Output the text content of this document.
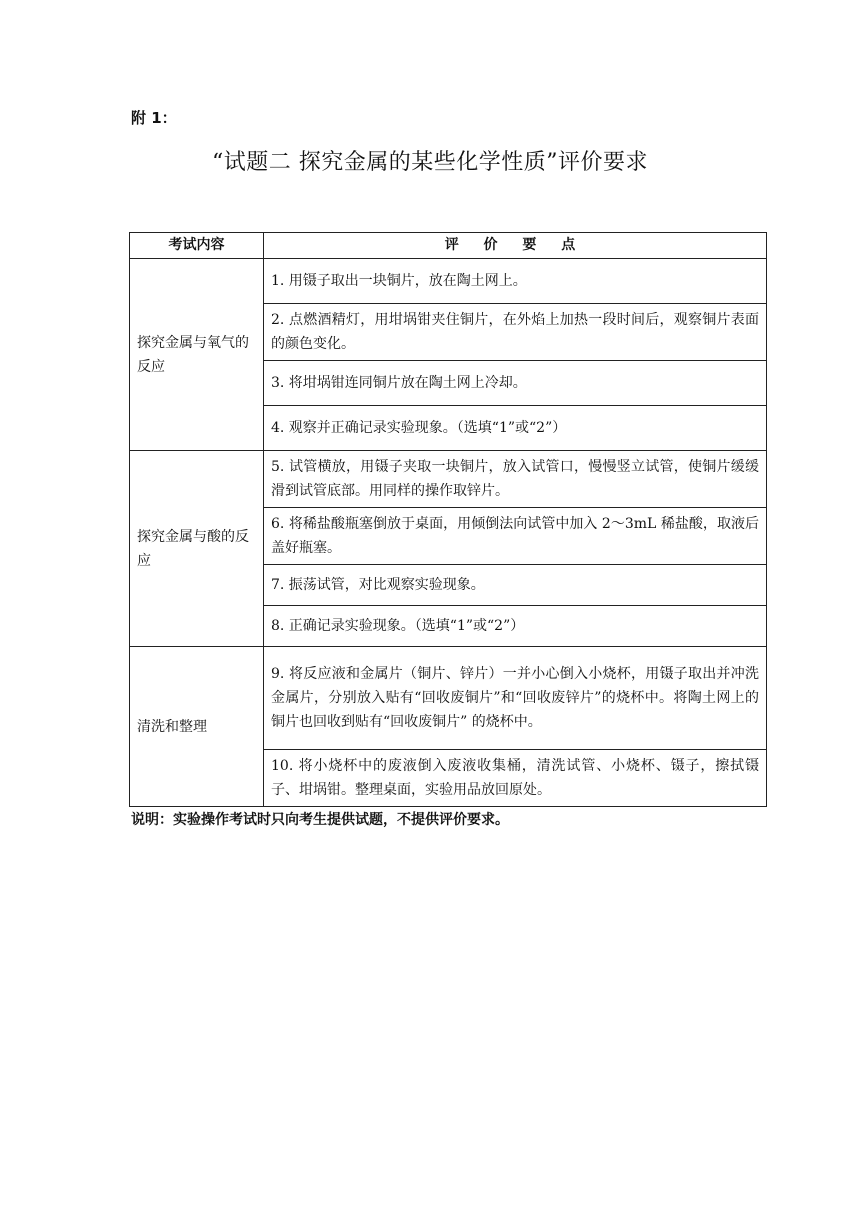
附 1：
“试题二 探究金属的某些化学性质”评价要求
考试内容	评 价 要 点
探究金属与氧气的反应	1. 用镊子取出一块铜片，放在陶土网上。
	2. 点燃酒精灯，用坩埚钳夹住铜片，在外焰上加热一段时间后，观察铜片表面的颜色变化。
	3. 将坩埚钳连同铜片放在陶土网上冷却。
	4. 观察并正确记录实验现象。（选填“1”或“2”）
探究金属与酸的反应	5. 试管横放，用镊子夹取一块铜片，放入试管口，慢慢竖立试管，使铜片缓缓滑到试管底部。用同样的操作取锌片。
	6. 将稀盐酸瓶塞倒放于桌面，用倾倒法向试管中加入 2～3mL 稀盐酸，取液后盖好瓶塞。
	7. 振荡试管，对比观察实验现象。
	8. 正确记录实验现象。（选填“1”或“2”）
清洗和整理	9. 将反应液和金属片（铜片、锌片）一并小心倒入小烧杯，用镊子取出并冲洗金属片，分别放入贴有“回收废铜片”和“回收废锌片”的烧杯中。将陶土网上的铜片也回收到贴有“回收废铜片” 的烧杯中。
	10. 将小烧杯中的废液倒入废液收集桶，清洗试管、小烧杯、镊子，擦拭镊子、坩埚钳。整理桌面，实验用品放回原处。
说明：实验操作考试时只向考生提供试题，不提供评价要求。
